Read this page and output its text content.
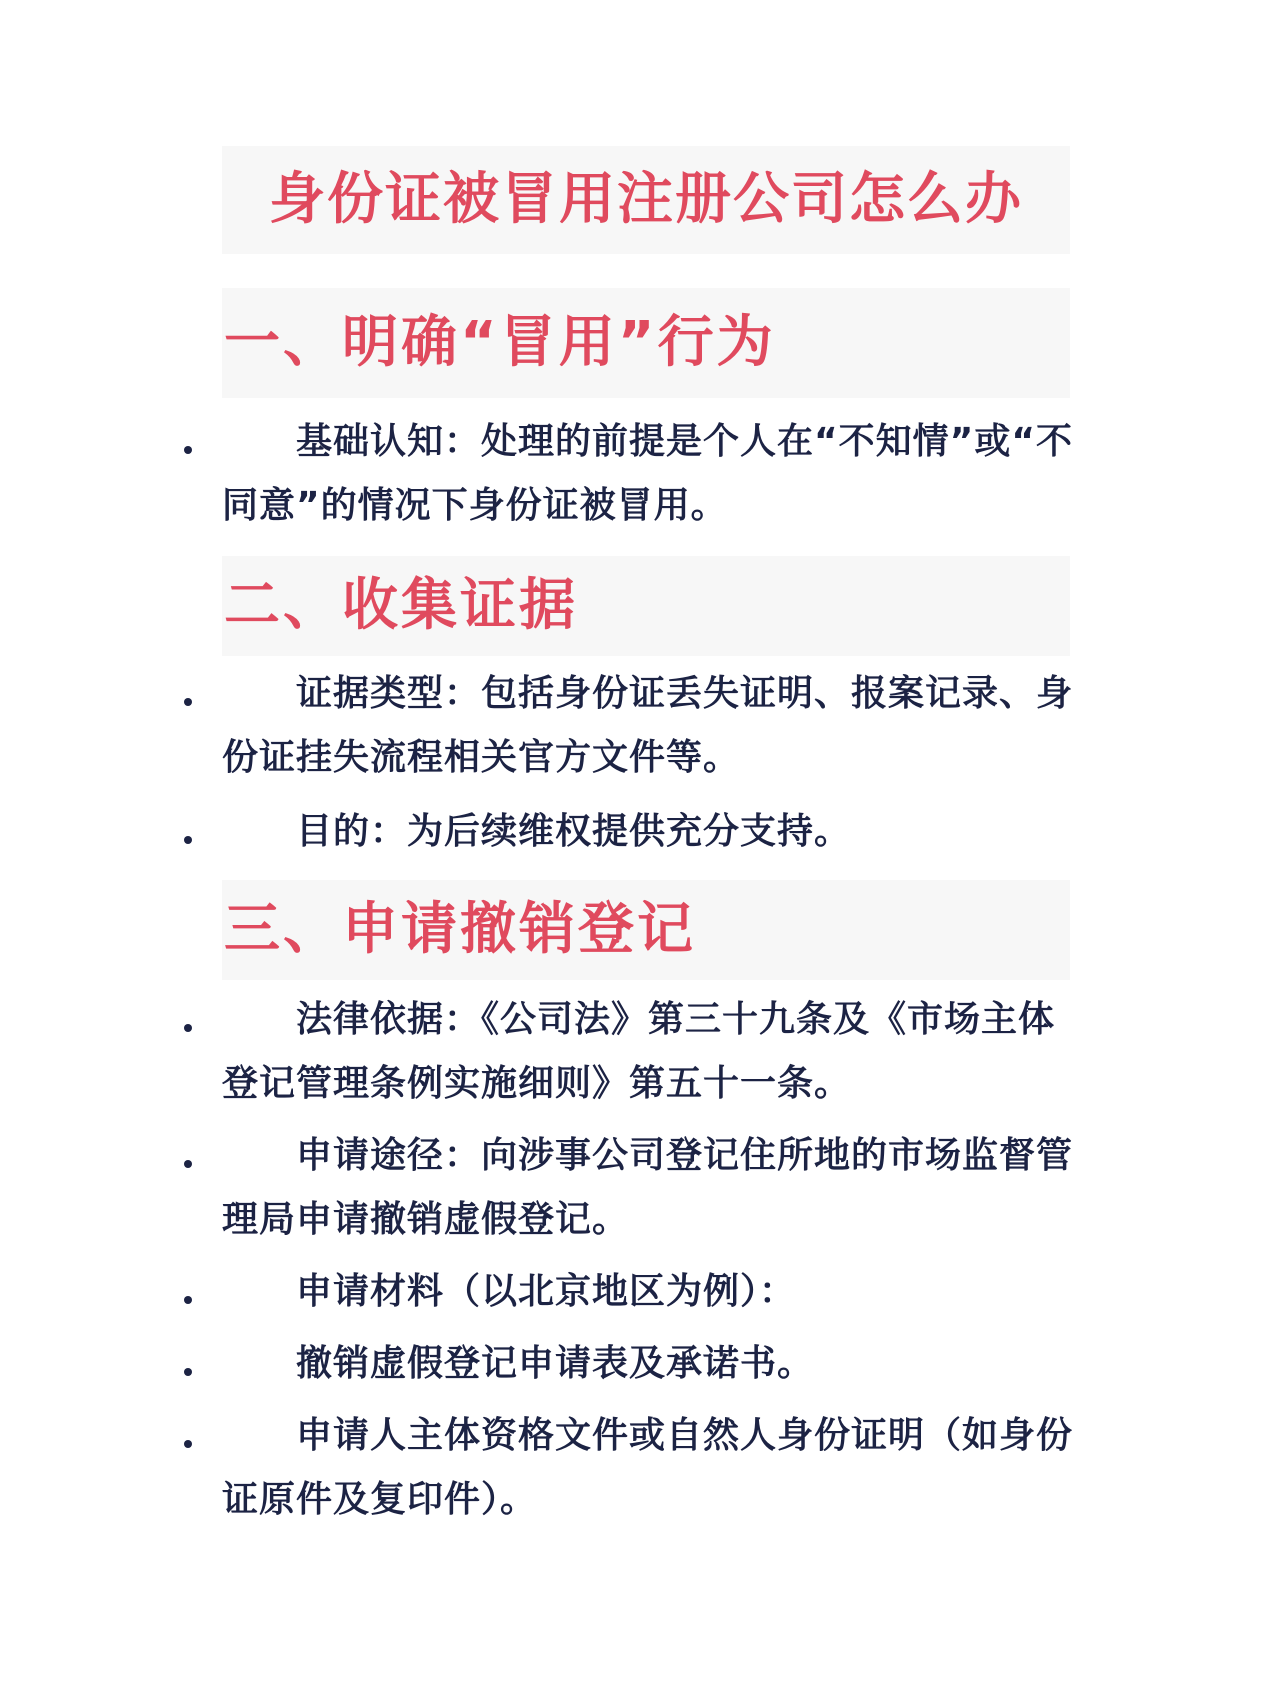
身份证被冒用注册公司怎么办
一、明确“冒用”行为
基础认知：处理的前提是个人在“不知情”或“不同意”的情况下身份证被冒用。
二、收集证据
证据类型：包括身份证丢失证明、报案记录、身份证挂失流程相关官方文件等。
目的：为后续维权提供充分支持。
三、申请撤销登记
法律依据：《公司法》第三十九条及《市场主体登记管理条例实施细则》第五十一条。
申请途径：向涉事公司登记住所地的市场监督管理局申请撤销虚假登记。
申请材料（以北京地区为例）：
撤销虚假登记申请表及承诺书。
申请人主体资格文件或自然人身份证明（如身份证原件及复印件）。
